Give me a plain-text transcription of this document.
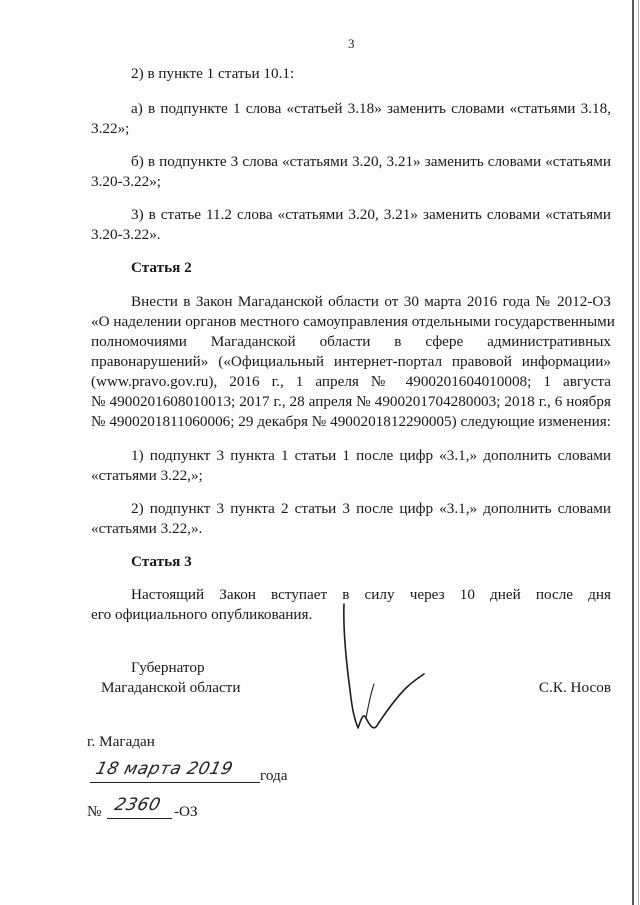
3
2) в пункте 1 статьи 10.1:
а) в подпункте 1 слова «статьей 3.18» заменить словами «статьями 3.18,
3.22»;
б) в подпункте 3 слова «статьями 3.20, 3.21» заменить словами «статьями
3.20-3.22»;
3) в статье 11.2 слова «статьями 3.20, 3.21» заменить словами «статьями
3.20-3.22».
Статья 2
Внести в Закон Магаданской области от 30 марта 2016 года № 2012-ОЗ
«О наделении органов местного самоуправления отдельными государственными
полномочиями Магаданской области в сфере административных
правонарушений» («Официальный интернет-портал правовой информации»
(www.pravo.gov.ru), 2016 г., 1 апреля № 4900201604010008; 1 августа
№ 4900201608010013; 2017 г., 28 апреля № 4900201704280003; 2018 г., 6 ноября
№ 4900201811060006; 29 декабря № 4900201812290005) следующие изменения:
1) подпункт 3 пункта 1 статьи 1 после цифр «3.1,» дополнить словами
«статьями 3.22,»;
2) подпункт 3 пункта 2 статьи 3 после цифр «3.1,» дополнить словами
«статьями 3.22,».
Статья 3
Настоящий Закон вступает в силу через 10 дней после дня
его официального опубликования.
Губернатор
Магаданской области	С.К. Носов
г. Магадан
18 марта 2019 года
№ 2360 -ОЗ
